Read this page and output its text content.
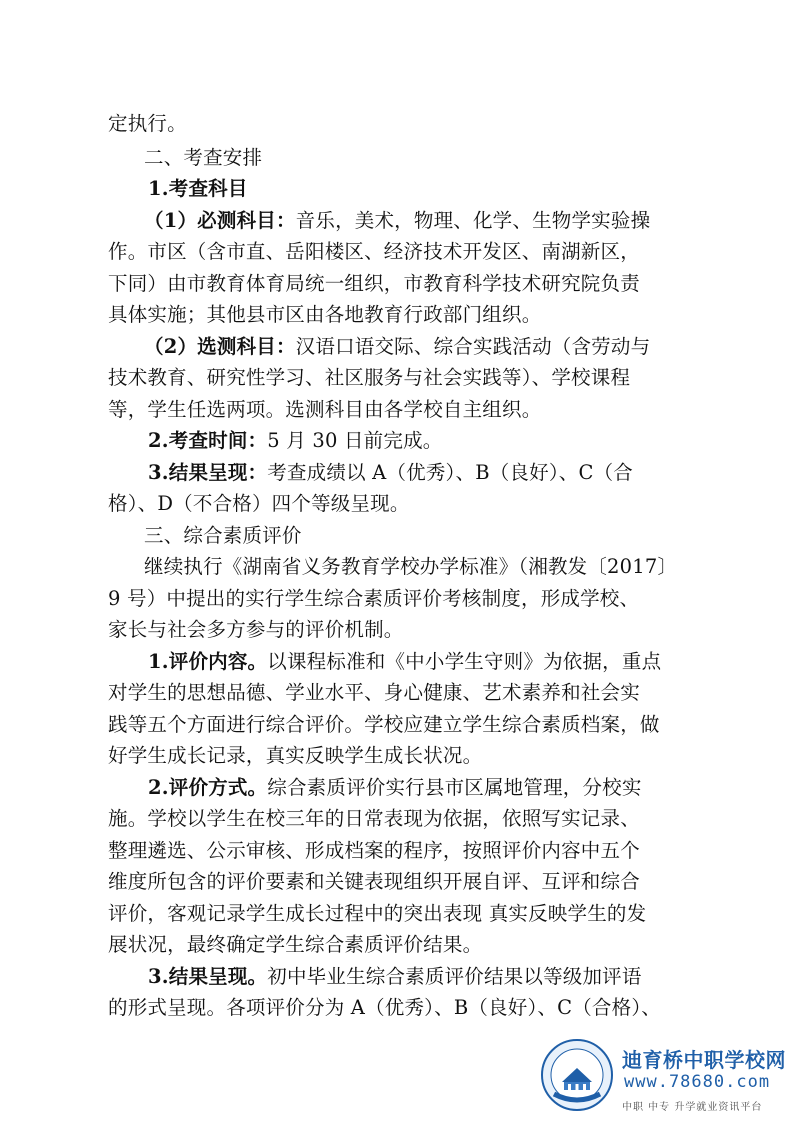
定执行。
二、考查安排
1.考查科目
（1）必测科目：音乐，美术，物理、化学、生物学实验操
作。市区（含市直、岳阳楼区、经济技术开发区、南湖新区，
下同）由市教育体育局统一组织，市教育科学技术研究院负责
具体实施；其他县市区由各地教育行政部门组织。
（2）选测科目：汉语口语交际、综合实践活动（含劳动与
技术教育、研究性学习、社区服务与社会实践等）、学校课程
等，学生任选两项。选测科目由各学校自主组织。
2.考查时间：5 月 30 日前完成。
3.结果呈现：考查成绩以 A（优秀）、B（良好）、C（合
格）、D（不合格）四个等级呈现。
三、综合素质评价
继续执行《湖南省义务教育学校办学标准》（湘教发〔2017〕
9 号）中提出的实行学生综合素质评价考核制度，形成学校、
家长与社会多方参与的评价机制。
1.评价内容。以课程标准和《中小学生守则》为依据，重点
对学生的思想品德、学业水平、身心健康、艺术素养和社会实
践等五个方面进行综合评价。学校应建立学生综合素质档案，做
好学生成长记录，真实反映学生成长状况。
2.评价方式。综合素质评价实行县市区属地管理，分校实
施。学校以学生在校三年的日常表现为依据，依照写实记录、
整理遴选、公示审核、形成档案的程序，按照评价内容中五个
维度所包含的评价要素和关键表现组织开展自评、互评和综合
评价，客观记录学生成长过程中的突出表现 真实反映学生的发
展状况，最终确定学生综合素质评价结果。
3.结果呈现。初中毕业生综合素质评价结果以等级加评语
的形式呈现。各项评价分为 A（优秀）、B（良好）、C（合格）、
迪育桥中职学校网
www.78680.com
中职 中专 升学就业资讯平台
